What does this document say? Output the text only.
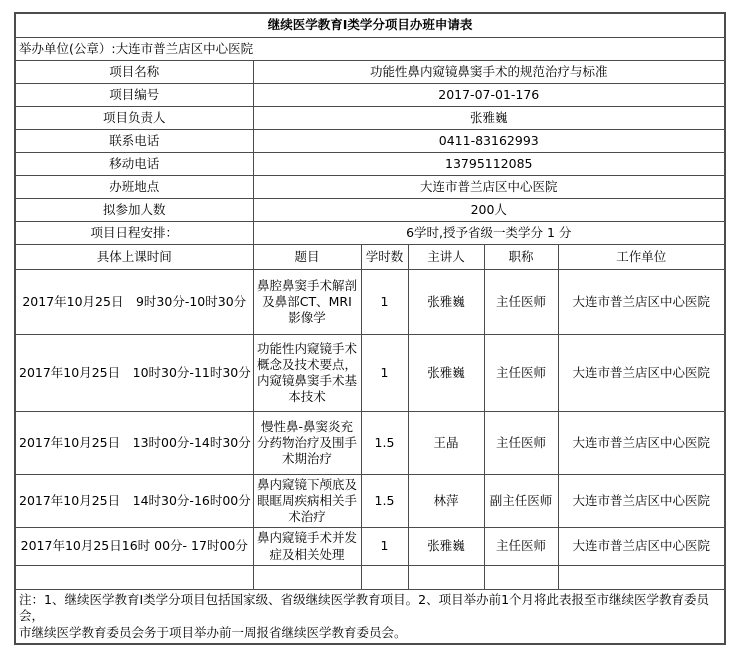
继续医学教育I类学分项目办班申请表					
举办单位(公章）:大连市普兰店区中心医院					
项目名称	功能性鼻内窥镜鼻窦手术的规范治疗与标准				
项目编号	2017-07-01-176				
项目负责人	张雅巍				
联系电话	0411-83162993				
移动电话	13795112085				
办班地点	大连市普兰店区中心医院				
拟参加人数	200人				
项目日程安排：	6学时,授予省级一类学分 1 分				
具体上课时间	题目	学时数	主讲人	职称	工作单位
2017年10月25日　9时30分-10时30分	鼻腔鼻窦手术解剖及鼻部CT、MRI影像学	1	张雅巍	主任医师	大连市普兰店区中心医院
2017年10月25日　10时30分-11时30分	功能性内窥镜手术概念及技术要点，内窥镜鼻窦手术基本技术	1	张雅巍	主任医师	大连市普兰店区中心医院
2017年10月25日　13时00分-14时30分	慢性鼻-鼻窦炎充分药物治疗及围手术期治疗	1.5	王晶	主任医师	大连市普兰店区中心医院
2017年10月25日　14时30分-16时00分	鼻内窥镜下颅底及眼眶周疾病相关手术治疗	1.5	林萍	副主任医师	大连市普兰店区中心医院
2017年10月25日16时 00分- 17时00分	鼻内窥镜手术并发症及相关处理	1	张雅巍	主任医师	大连市普兰店区中心医院

注：1、继续医学教育Ⅰ类学分项目包括国家级、省级继续医学教育项目。2、项目举办前1个月将此表报至市继续医学教育委员会，
市继续医学教育委员会务于项目举办前一周报省继续医学教育委员会。					
